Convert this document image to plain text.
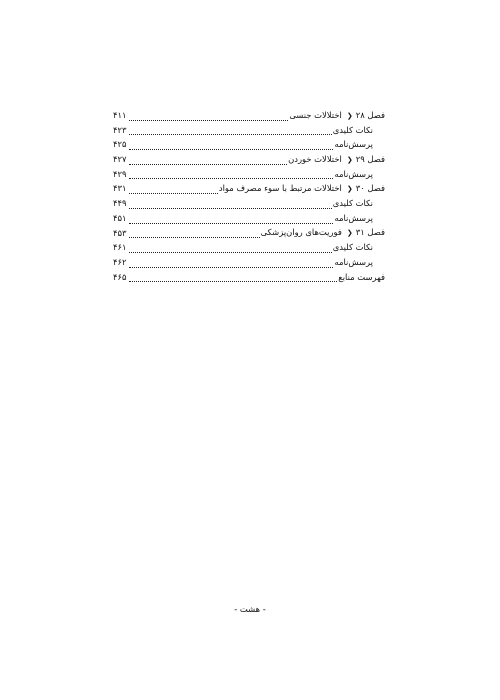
فصل ۲۸❮اختلالات جنسی
۴۱۱
نکات کلیدی
۴۲۳
پرسش‌نامه
۴۲۵
فصل ۲۹❮اختلالات خوردن
۴۲۷
پرسش‌نامه
۴۲۹
فصل ۳۰❮اختلالات مرتبط با سوء مصرف مواد
۴۳۱
نکات کلیدی
۴۴۹
پرسش‌نامه
۴۵۱
فصل ۳۱❮فوریت‌های روان‌پزشکی
۴۵۳
نکات کلیدی
۴۶۱
پرسش‌نامه
۴۶۲
فهرست منابع
۴۶۵
- هشت -
